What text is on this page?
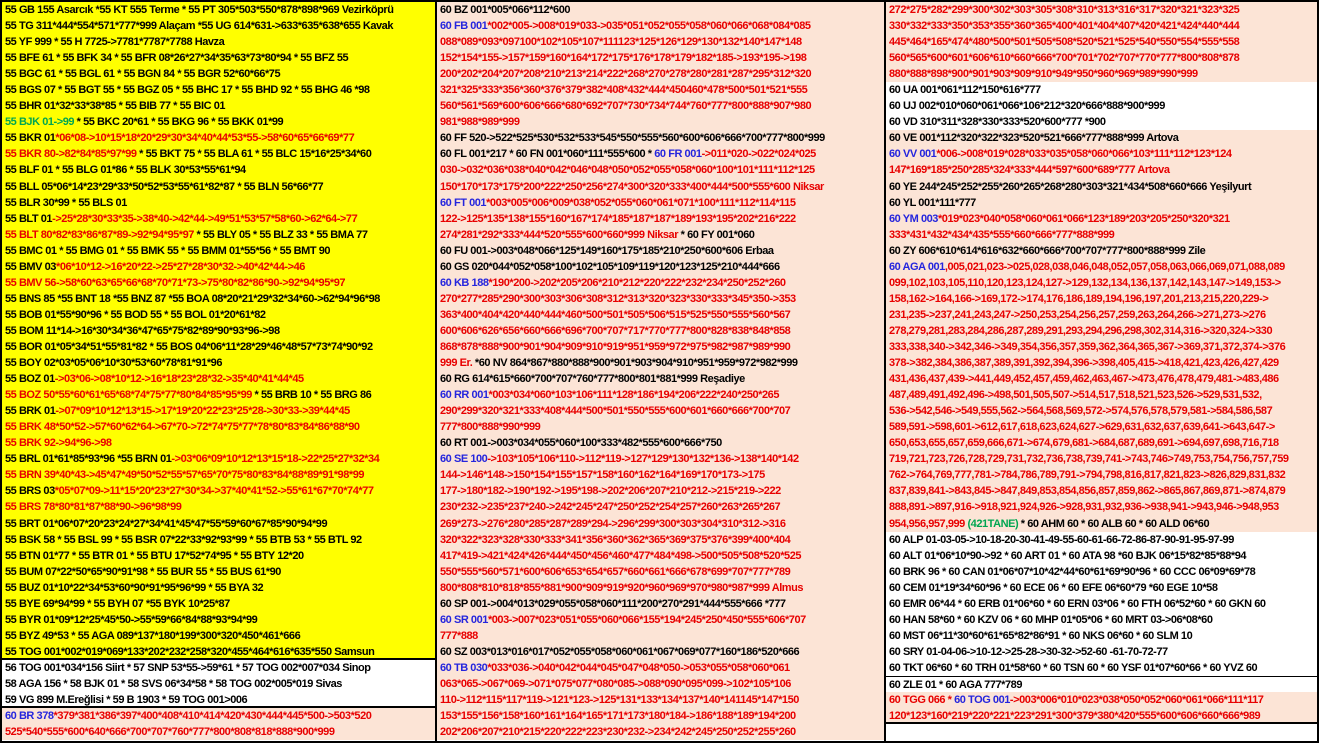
55 GB 155 Asarcık *55 KT 555 Terme * 55 PT 305*503*550*878*898*969 Vezirköprü
55 TG 311*444*554*571*777*999 Alaçam *55 UG 614*631->633*635*638*655 Kavak
55 YF 999 * 55 H 7725->7781*7787*7788 Havza
55 BFE 61 * 55 BFK 34 * 55 BFR 08*26*27*34*35*63*73*80*94 * 55 BFZ 55
55 BGC 61 * 55 BGL 61 * 55 BGN 84 * 55 BGR 52*60*66*75
55 BGS 07 * 55 BGT 55 * 55 BGZ 05 * 55 BHC 17 * 55 BHD 92 * 55 BHG 46 *98
55 BHR 01*32*33*38*85 * 55 BIB 77 * 55 BIC 01
55 BJK 01->99 * 55 BKC 20*61 * 55 BKG 96 * 55 BKK 01*99
55 BKR 01*06*08->10*15*18*20*29*30*34*40*44*53*55->58*60*65*66*69*77
55 BKR 80->82*84*85*97*99 * 55 BKT 75 * 55 BLA 61 * 55 BLC 15*16*25*34*60
55 BLF 01 * 55 BLG 01*86 * 55 BLK 30*53*55*61*94
55 BLL 05*06*14*23*29*33*50*52*53*55*61*82*87 * 55 BLN 56*66*77
55 BLR 30*99 * 55 BLS 01
55 BLT 01->25*28*30*33*35->38*40->42*44->49*51*53*57*58*60->62*64->77
55 BLT 80*82*83*86*87*89->92*94*95*97 * 55 BLY 05 * 55 BLZ 33 * 55 BMA 77
55 BMC 01 * 55 BMG 01 * 55 BMK 55 * 55 BMM 01*55*56 * 55 BMT 90
55 BMV 03*06*10*12->16*20*22->25*27*28*30*32->40*42*44->46
55 BMV 56->58*60*63*65*66*68*70*71*73->75*80*82*86*90->92*94*95*97
55 BNS 85 *55 BNT 18 *55 BNZ 87 *55 BOA 08*20*21*29*32*34*60->62*94*96*98
55 BOB 01*55*90*96 * 55 BOD 55 * 55 BOL 01*20*61*82
55 BOM 11*14->16*30*34*36*47*65*75*82*89*90*93*96->98
55 BOR 01*05*34*51*55*81*82 * 55 BOS 04*06*11*28*29*46*48*57*73*74*90*92
55 BOY 02*03*05*06*10*30*53*60*78*81*91*96
55 BOZ 01->03*06->08*10*12->16*18*23*28*32->35*40*41*44*45
55 BOZ 50*55*60*61*65*68*74*75*77*80*84*85*95*99 * 55 BRB 10 * 55 BRG 86
55 BRK 01->07*09*10*12*13*15->17*19*20*22*23*25*28->30*33->39*44*45
55 BRK 48*50*52->57*60*62*64->67*70->72*74*75*77*78*80*83*84*86*88*90
55 BRK 92->94*96->98
55 BRL 01*61*85*93*96 *55 BRN 01->03*06*09*10*12*13*15*18->22*25*27*32*34
55 BRN 39*40*43->45*47*49*50*52*55*57*65*70*75*80*83*84*88*89*91*98*99
55 BRS 03*05*07*09->11*15*20*23*27*30*34->37*40*41*52->55*61*67*70*74*77
55 BRS 78*80*81*87*88*90->96*98*99
55 BRT 01*06*07*20*23*24*27*34*41*45*47*55*59*60*67*85*90*94*99
55 BSK 58 * 55 BSL 99 * 55 BSR 07*22*33*92*93*99 * 55 BTB 53 * 55 BTL 92
55 BTN 01*77 * 55 BTR 01 * 55 BTU 17*52*74*95 * 55 BTY 12*20
55 BUM 07*22*50*65*90*91*98 * 55 BUR 55 * 55 BUS 61*90
55 BUZ 01*10*22*34*53*60*90*91*95*96*99 * 55 BYA 32
55 BYE 69*94*99 * 55 BYH 07 *55 BYK 10*25*87
55 BYR 01*09*12*25*45*50->55*59*66*84*88*93*94*99
55 BYZ 49*53 * 55 AGA 089*137*180*199*300*320*450*461*666
55 TOG 001*002*019*069*133*202*232*258*320*455*464*616*635*550 Samsun
56 TOG 001*034*156 Siirt * 57 SNP 53*55->59*61 * 57 TOG 002*007*034 Sinop
58 AGA 156 * 58 BJK 01 * 58 SVS 06*34*58 * 58 TOG 002*005*019 Sivas
59 VG 899 M.Ereğlisi * 59 B 1903 * 59 TOG 001>006
60 BR 378*379*381*386*397*400*408*410*414*420*430*444*445*500->503*520
525*540*555*600*640*666*700*707*760*777*800*808*818*888*900*999
60 BZ 001*005*066*112*600
60 FB 001*002*005->008*019*033->035*051*052*055*058*060*066*068*084*085
088*089*093*097100*102*105*107*111123*125*126*129*130*132*140*147*148
152*154*155->157*159*160*164*172*175*176*178*179*182*185->193*195->198
200*202*204*207*208*210*213*214*222*268*270*278*280*281*287*295*312*320
321*325*333*356*360*376*379*382*408*432*444*450460*478*500*501*521*555
560*561*569*600*606*666*680*692*707*730*734*744*760*777*800*888*907*980
981*988*989*999
60 FF 520->522*525*530*532*533*545*550*555*560*600*606*666*700*777*800*999
60 FL 001*217 * 60 FN 001*060*111*555*600 * 60 FR 001->011*020->022*024*025
030->032*036*038*040*042*046*048*050*052*055*058*060*100*101*111*112*125
150*170*173*175*200*222*250*256*274*300*320*333*400*444*500*555*600 Niksar
60 FT 001*003*005*006*009*038*052*055*060*061*071*100*111*112*114*115
122->125*135*138*155*160*167*174*185*187*187*189*193*195*202*216*222
274*281*292*333*444*520*555*600*660*999 Niksar * 60 FY 001*060
60 FU 001->003*048*066*125*149*160*175*185*210*250*600*606 Erbaa
60 GS 020*044*052*058*100*102*105*109*119*120*123*125*210*444*666
60 KB 188*190*200->202*205*206*210*212*220*222*232*234*250*252*260
270*277*285*290*300*303*306*308*312*313*320*323*330*333*345*350->353
363*400*404*420*440*444*460*500*501*505*506*515*525*550*555*560*567
600*606*626*656*660*666*696*700*707*717*770*777*800*828*838*848*858
868*878*888*900*901*904*909*910*919*951*959*972*975*982*987*989*990
999 Er. *60 NV 864*867*880*888*900*901*903*904*910*951*959*972*982*999
60 RG 614*615*660*700*707*760*777*800*801*881*999 Reşadiye
60 RR 001*003*034*060*103*106*111*128*186*194*206*222*240*250*265
290*299*320*321*333*408*444*500*501*550*555*600*601*660*666*700*707
777*800*888*990*999
60 RT 001->003*034*055*060*100*333*482*555*600*666*750
60 SE 100->103*105*106*110->112*119->127*129*130*132*136->138*140*142
144->146*148->150*154*155*157*158*160*162*164*169*170*173->175
177->180*182->190*192->195*198->202*206*207*210*212->215*219->222
230*232->235*237*240->242*245*247*250*252*254*257*260*263*265*267
269*273->276*280*285*287*289*294->296*299*300*303*304*310*312->316
320*322*323*328*330*333*341*356*360*362*365*369*375*376*399*400*404
417*419->421*424*426*444*450*456*460*477*484*498->500*505*508*520*525
550*555*560*571*600*606*653*654*657*660*661*666*678*699*707*777*789
800*808*810*818*855*881*900*909*919*920*960*969*970*980*987*999 Almus
60 SP 001->004*013*029*055*058*060*111*200*270*291*444*555*666 *777
60 SR 001*003->007*023*051*055*060*066*155*194*245*250*450*555*606*707
777*888
60 SZ 003*013*016*017*052*055*058*060*061*067*069*077*160*186*520*666
60 TB 030*033*036->040*042*044*045*047*048*050->053*055*058*060*061
063*065->067*069->071*075*077*080*085->088*090*095*099->102*105*106
110->112*115*117*119->121*123->125*131*133*134*137*140*141145*147*150
153*155*156*158*160*161*164*165*171*173*180*184->186*188*189*194*200
202*206*207*210*215*220*222*223*230*232->234*242*245*250*252*255*260
272*275*282*299*300*302*303*305*308*310*313*316*317*320*321*323*325
330*332*333*350*353*355*360*365*400*401*404*407*420*421*424*440*444
445*464*165*474*480*500*501*505*508*520*521*525*540*550*554*555*558
560*565*600*601*606*610*660*666*700*701*702*707*770*777*800*808*878
880*888*898*900*901*903*909*910*949*950*960*969*989*990*999
60 UA 001*061*112*150*616*777
60 UJ 002*010*060*061*066*106*212*320*666*888*900*999
60 VD 310*311*328*330*333*520*600*777 *900
60 VE 001*112*320*322*323*520*521*666*777*888*999 Artova
60 VV 001*006->008*019*028*033*035*058*060*066*103*111*112*123*124
147*169*185*250*285*324*333*444*597*600*689*777 Artova
60 YE 244*245*252*255*260*265*268*280*303*321*434*508*660*666 Yeşilyurt
60 YL 001*111*777
60 YM 003*019*023*040*058*060*061*066*123*189*203*205*250*320*321
333*431*432*434*435*555*660*666*777*888*999
60 ZY 606*610*614*616*632*660*666*700*707*777*800*888*999 Zile
60 AGA 001,005,021,023->025,028,038,046,048,052,057,058,063,066,069,071,088,089
099,102,103,105,110,120,123,124,127->129,132,134,136,137,142,143,147->149,153->
158,162->164,166->169,172->174,176,186,189,194,196,197,201,213,215,220,229->
231,235->237,241,243,247->250,253,254,256,257,259,263,264,266->271,273->276
278,279,281,283,284,286,287,289,291,293,294,296,298,302,314,316->320,324->330
333,338,340->342,346->349,354,356,357,359,362,364,365,367->369,371,372,374->376
378->382,384,386,387,389,391,392,394,396->398,405,415->418,421,423,426,427,429
431,436,437,439->441,449,452,457,459,462,463,467->473,476,478,479,481->483,486
487,489,491,492,496->498,501,505,507->514,517,518,521,523,526->529,531,532,
536->542,546->549,555,562->564,568,569,572->574,576,578,579,581->584,586,587
589,591->598,601->612,617,618,623,624,627->629,631,632,637,639,641->643,647->
650,653,655,657,659,666,671->674,679,681->684,687,689,691->694,697,698,716,718
719,721,723,726,728,729,731,732,736,738,739,741->743,746>749,753,754,756,757,759
762->764,769,777,781->784,786,789,791->794,798,816,817,821,823->826,829,831,832
837,839,841->843,845->847,849,853,854,856,857,859,862->865,867,869,871->874,879
888,891->897,916->918,921,924,926->928,931,932,936->938,941->943,946->948,953
954,956,957,999 (421TANE) * 60 AHM 60 * 60 ALB 60 * 60 ALD 06*60
60 ALP 01-03-05->10-18-20-30-41-49-55-60-61-66-72-86-87-90-91-95-97-99
60 ALT 01*06*10*90->92 * 60 ART 01 * 60 ATA 98 *60 BJK 06*15*82*85*88*94
60 BRK 96 * 60 CAN 01*06*07*10*42*44*60*61*69*90*96 * 60 CCC 06*09*69*78
60 CEM 01*19*34*60*96 * 60 ECE 06 * 60 EFE 06*60*79 *60 EGE 10*58
60 EMR 06*44 * 60 ERB 01*06*60 * 60 ERN 03*06 * 60 FTH 06*52*60 * 60 GKN 60
60 HAN 58*60 * 60 KZV 06 * 60 MHP 01*05*06 * 60 MRT 03->06*08*60
60 MST 06*11*30*60*61*65*82*86*91 * 60 NKS 06*60 * 60 SLM 10
60 SRY 01-04-06->10-12->25-28->30-32->52-60 -61-70-72-77
60 TKT 06*60 * 60 TRH 01*58*60 * 60 TSN 60 * 60 YSF 01*07*60*66 * 60 YVZ 60
60 ZLE 01 * 60 AGA 777*789
60 TGG 066 * 60 TOG 001->003*006*010*023*038*050*052*060*061*066*111*117
120*123*160*219*220*221*223*291*300*379*380*420*555*600*606*660*666*989
